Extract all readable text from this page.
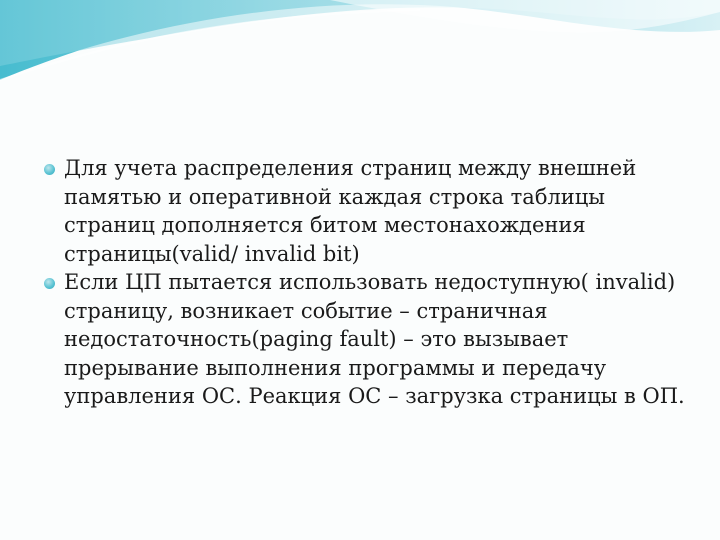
Для учета распределения страниц между внешней памятью и оперативной каждая строка таблицы страниц дополняется битом местонахождения страницы(valid/ invalid bit)

Если ЦП пытается использовать недоступную( invalid) страницу, возникает событие – страничная недостаточность(paging fault) – это вызывает прерывание выполнения программы и передачу управления ОС. Реакция ОС – загрузка страницы в ОП.
